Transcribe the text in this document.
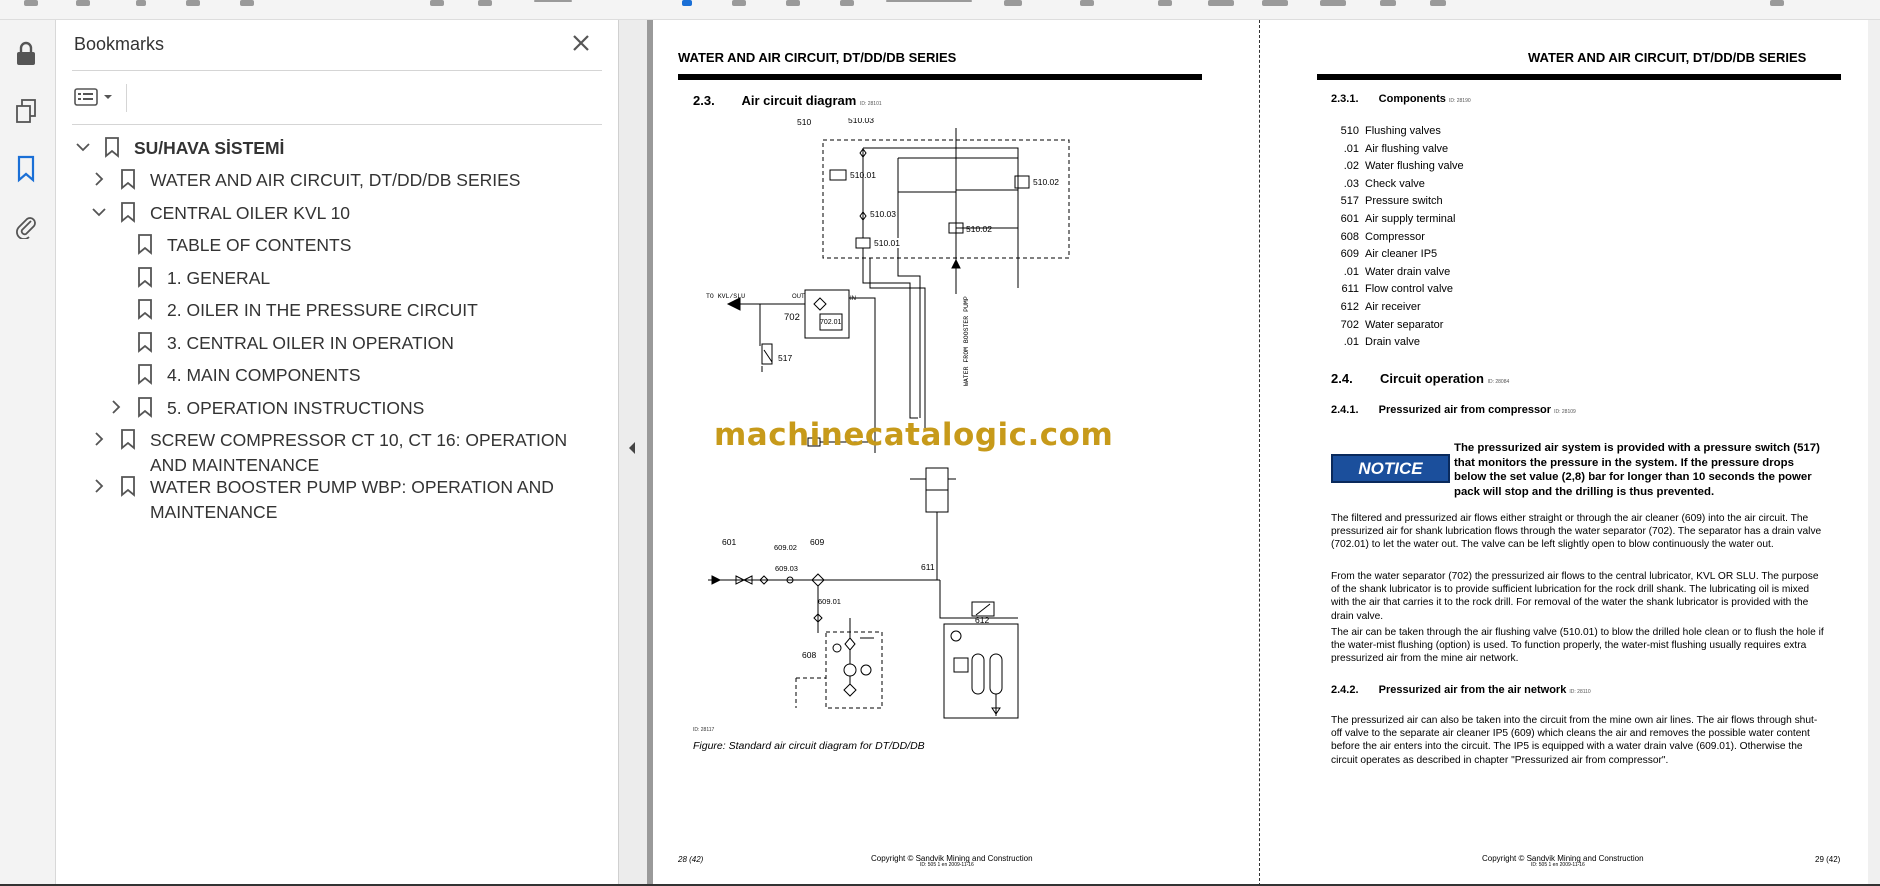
Bookmarks
SU/HAVA SİSTEMİ
WATER AND AIR CIRCUIT, DT/DD/DB SERIES
CENTRAL OILER KVL 10
TABLE OF CONTENTS
1. GENERAL
2. OILER IN THE PRESSURE CIRCUIT
3. CENTRAL OILER IN OPERATION
4. MAIN COMPONENTS
5. OPERATION INSTRUCTIONS
SCREW COMPRESSOR CT 10, CT 16: OPERATION AND MAINTENANCE
WATER BOOSTER PUMP WBP: OPERATION AND MAINTENANCE
WATER AND AIR CIRCUIT, DT/DD/DB SERIES
2.3. Air circuit diagram ID: 28101
510	510.03
510.01
510.02
510.03
510.01
510.02
TO KVL/SLU	OUT	IN
702	702.01
517	WATER FROM BOOSTER PUMP
601
609.02
609
609.03
609.01
611
612
608
machinecatalogic.com
ID: 28117
Figure: Standard air circuit diagram for DT/DD/DB
28 (42)	Copyright © Sandvik Mining and Construction
ID: 505 1 en 2009-11-16
WATER AND AIR CIRCUIT, DT/DD/DB SERIES
2.3.1. Components ID: 28190
510 Flushing valves
.01 Air flushing valve
.02 Water flushing valve
.03 Check valve
517 Pressure switch
601 Air supply terminal
608 Compressor
609 Air cleaner IP5
.01 Water drain valve
611 Flow control valve
612 Air receiver
702 Water separator
.01 Drain valve
2.4. Circuit operation ID: 28084
2.4.1. Pressurized air from compressor ID: 28109
NOTICE
The pressurized air system is provided with a pressure switch (517) that monitors the pressure in the system. If the pressure drops below the set value (2,8) bar for longer than 10 seconds the power pack will stop and the drilling is thus prevented.
The filtered and pressurized air flows either straight or through the air cleaner (609) into the air circuit. The pressurized air for shank lubrication flows through the water separator (702). The separator has a drain valve (702.01) to let the water out. The valve can be left slightly open to blow continuously the water out.
From the water separator (702) the pressurized air flows to the central lubricator, KVL OR SLU. The purpose of the shank lubricator is to provide sufficient lubrication for the rock drill shank. The lubricating oil is mixed with the air that carries it to the rock drill. For removal of the water the shank lubricator is provided with the drain valve.
The air can be taken through the air flushing valve (510.01) to blow the drilled hole clean or to flush the hole if the water-mist flushing (option) is used. To function properly, the water-mist flushing usually requires extra pressurized air from the mine air network.
2.4.2. Pressurized air from the air network ID: 28110
The pressurized air can also be taken into the circuit from the mine own air lines. The air flows through shut-off valve to the separate air cleaner IP5 (609) which cleans the air and removes the possible water content before the air enters into the circuit. The IP5 is equipped with a water drain valve (609.01). Otherwise the circuit operates as described in chapter "Pressurized air from compressor".
Copyright © Sandvik Mining and Construction
ID: 505 1 en 2009-11-16
29 (42)
